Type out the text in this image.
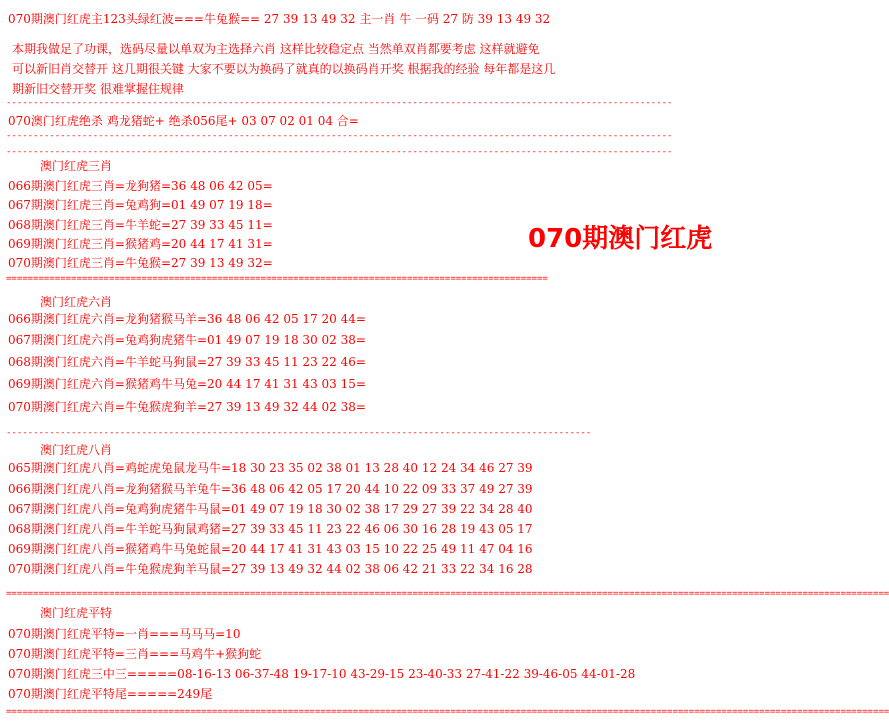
070期澳门红虎主123头绿红波===牛兔猴== 27 39 13 49 32 主一肖 牛 一码 27 防 39 13 49 32
本期我做足了功课，选码尽量以单双为主选择六肖 这样比较稳定点 当然单双肖都要考虑 这样就避免
可以新旧肖交替开 这几期很关键 大家不要以为换码了就真的以换码肖开奖 根据我的经验 每年都是这几
期新旧交替开奖 很难掌握住规律
---------------------------------------------------------------------------------------------------------------------------
070澳门红虎绝杀 鸡龙猪蛇+ 绝杀056尾+ 03 07 02 01 04 合=
---------------------------------------------------------------------------------------------------------------------------
---------------------------------------------------------------------------------------------------------------------------
070期澳门红虎
澳门红虎三肖
066期澳门红虎三肖=龙狗猪=36 48 06 42 05=
067期澳门红虎三肖=兔鸡狗=01 49 07 19 18=
068期澳门红虎三肖=牛羊蛇=27 39 33 45 11=
069期澳门红虎三肖=猴猪鸡=20 44 17 41 31=
070期澳门红虎三肖=牛兔猴=27 39 13 49 32=
====================================================================================================
澳门红虎六肖
066期澳门红虎六肖=龙狗猪猴马羊=36 48 06 42 05 17 20 44=
067期澳门红虎六肖=兔鸡狗虎猪牛=01 49 07 19 18 30 02 38=
068期澳门红虎六肖=牛羊蛇马狗鼠=27 39 33 45 11 23 22 46=
069期澳门红虎六肖=猴猪鸡牛马兔=20 44 17 41 31 43 03 15=
070期澳门红虎六肖=牛兔猴虎狗羊=27 39 13 49 32 44 02 38=
------------------------------------------------------------------------------------------------------------
澳门红虎八肖
065期澳门红虎八肖=鸡蛇虎兔鼠龙马牛=18 30 23 35 02 38 01 13 28 40 12 24 34 46 27 39
066期澳门红虎八肖=龙狗猪猴马羊兔牛=36 48 06 42 05 17 20 44 10 22 09 33 37 49 27 39
067期澳门红虎八肖=兔鸡狗虎猪牛马鼠=01 49 07 19 18 30 02 38 17 29 27 39 22 34 28 40
068期澳门红虎八肖=牛羊蛇马狗鼠鸡猪=27 39 33 45 11 23 22 46 06 30 16 28 19 43 05 17
069期澳门红虎八肖=猴猪鸡牛马兔蛇鼠=20 44 17 41 31 43 03 15 10 22 25 49 11 47 04 16
070期澳门红虎八肖=牛兔猴虎狗羊马鼠=27 39 13 49 32 44 02 38 06 42 21 33 22 34 16 28
===================================================================================================================================================================
澳门红虎平特
070期澳门红虎平特=一肖===马马马=10
070期澳门红虎平特=三肖===马鸡牛+猴狗蛇
070期澳门红虎三中三=====08-16-13 06-37-48 19-17-10 43-29-15 23-40-33 27-41-22 39-46-05 44-01-28
070期澳门红虎平特尾=====249尾
===================================================================================================================================================================
